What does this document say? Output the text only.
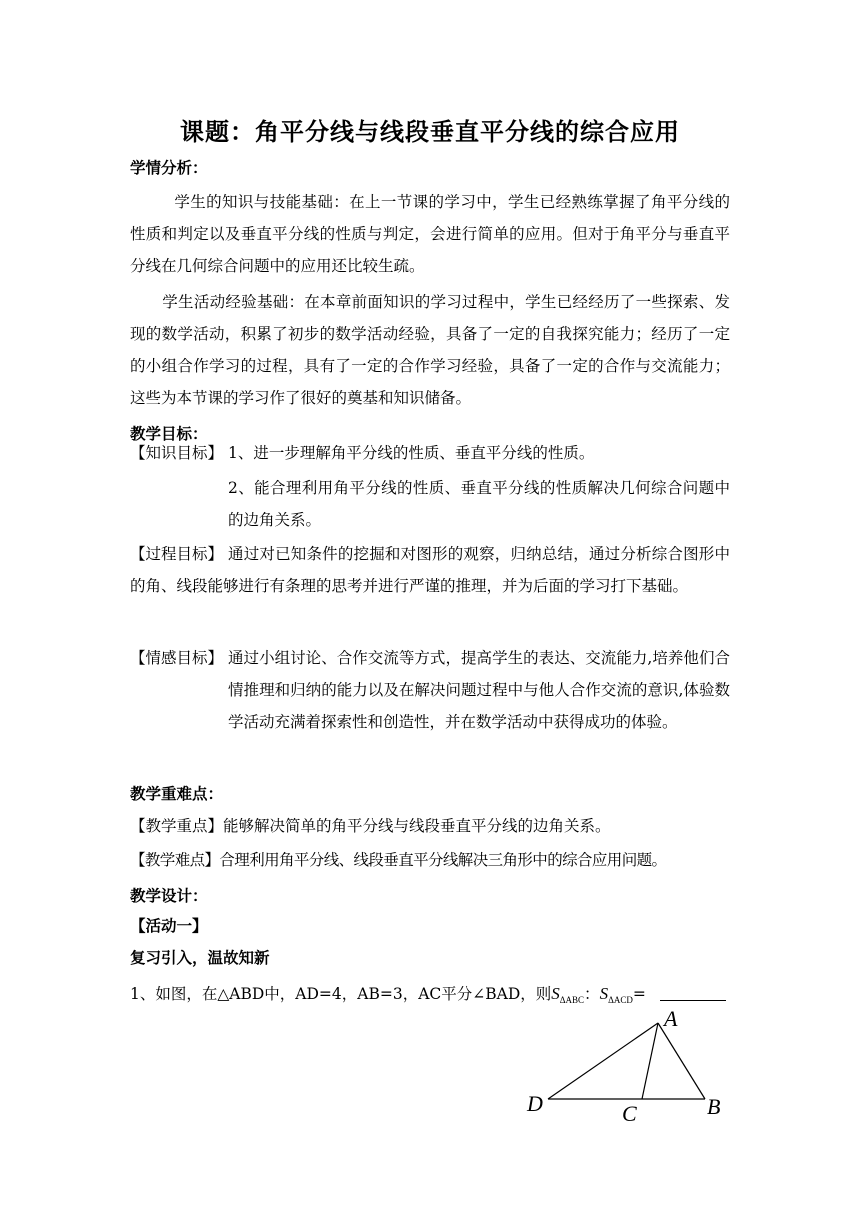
课题：角平分线与线段垂直平分线的综合应用
学情分析：
学生的知识与技能基础：在上一节课的学习中，学生已经熟练掌握了角平分线的性质和判定以及垂直平分线的性质与判定，会进行简单的应用。但对于角平分与垂直平分线在几何综合问题中的应用还比较生疏。
学生活动经验基础：在本章前面知识的学习过程中，学生已经经历了一些探索、发现的数学活动，积累了初步的数学活动经验，具备了一定的自我探究能力；经历了一定的小组合作学习的过程，具有了一定的合作学习经验，具备了一定的合作与交流能力；这些为本节课的学习作了很好的奠基和知识储备。
教学目标：
【知识目标】 1、进一步理解角平分线的性质、垂直平分线的性质。
2、能合理利用角平分线的性质、垂直平分线的性质解决几何综合问题中的边角关系。
【过程目标】 通过对已知条件的挖掘和对图形的观察，归纳总结，通过分析综合图形中的角、线段能够进行有条理的思考并进行严谨的推理，并为后面的学习打下基础。
【情感目标】 通过小组讨论、合作交流等方式，提高学生的表达、交流能力,培养他们合情推理和归纳的能力以及在解决问题过程中与他人合作交流的意识,体验数学活动充满着探索性和创造性，并在数学活动中获得成功的体验。
教学重难点：
【教学重点】能够解决简单的角平分线与线段垂直平分线的边角关系。
【教学难点】合理利用角平分线、线段垂直平分线解决三角形中的综合应用问题。
教学设计：
【活动一】
复习引入，温故知新
1、如图，在△ABD中，AD=4，AB=3，AC平分∠BAD，则$S_{\Delta ABC}$：$S_{\Delta ACD}=$
A
B
C
D
